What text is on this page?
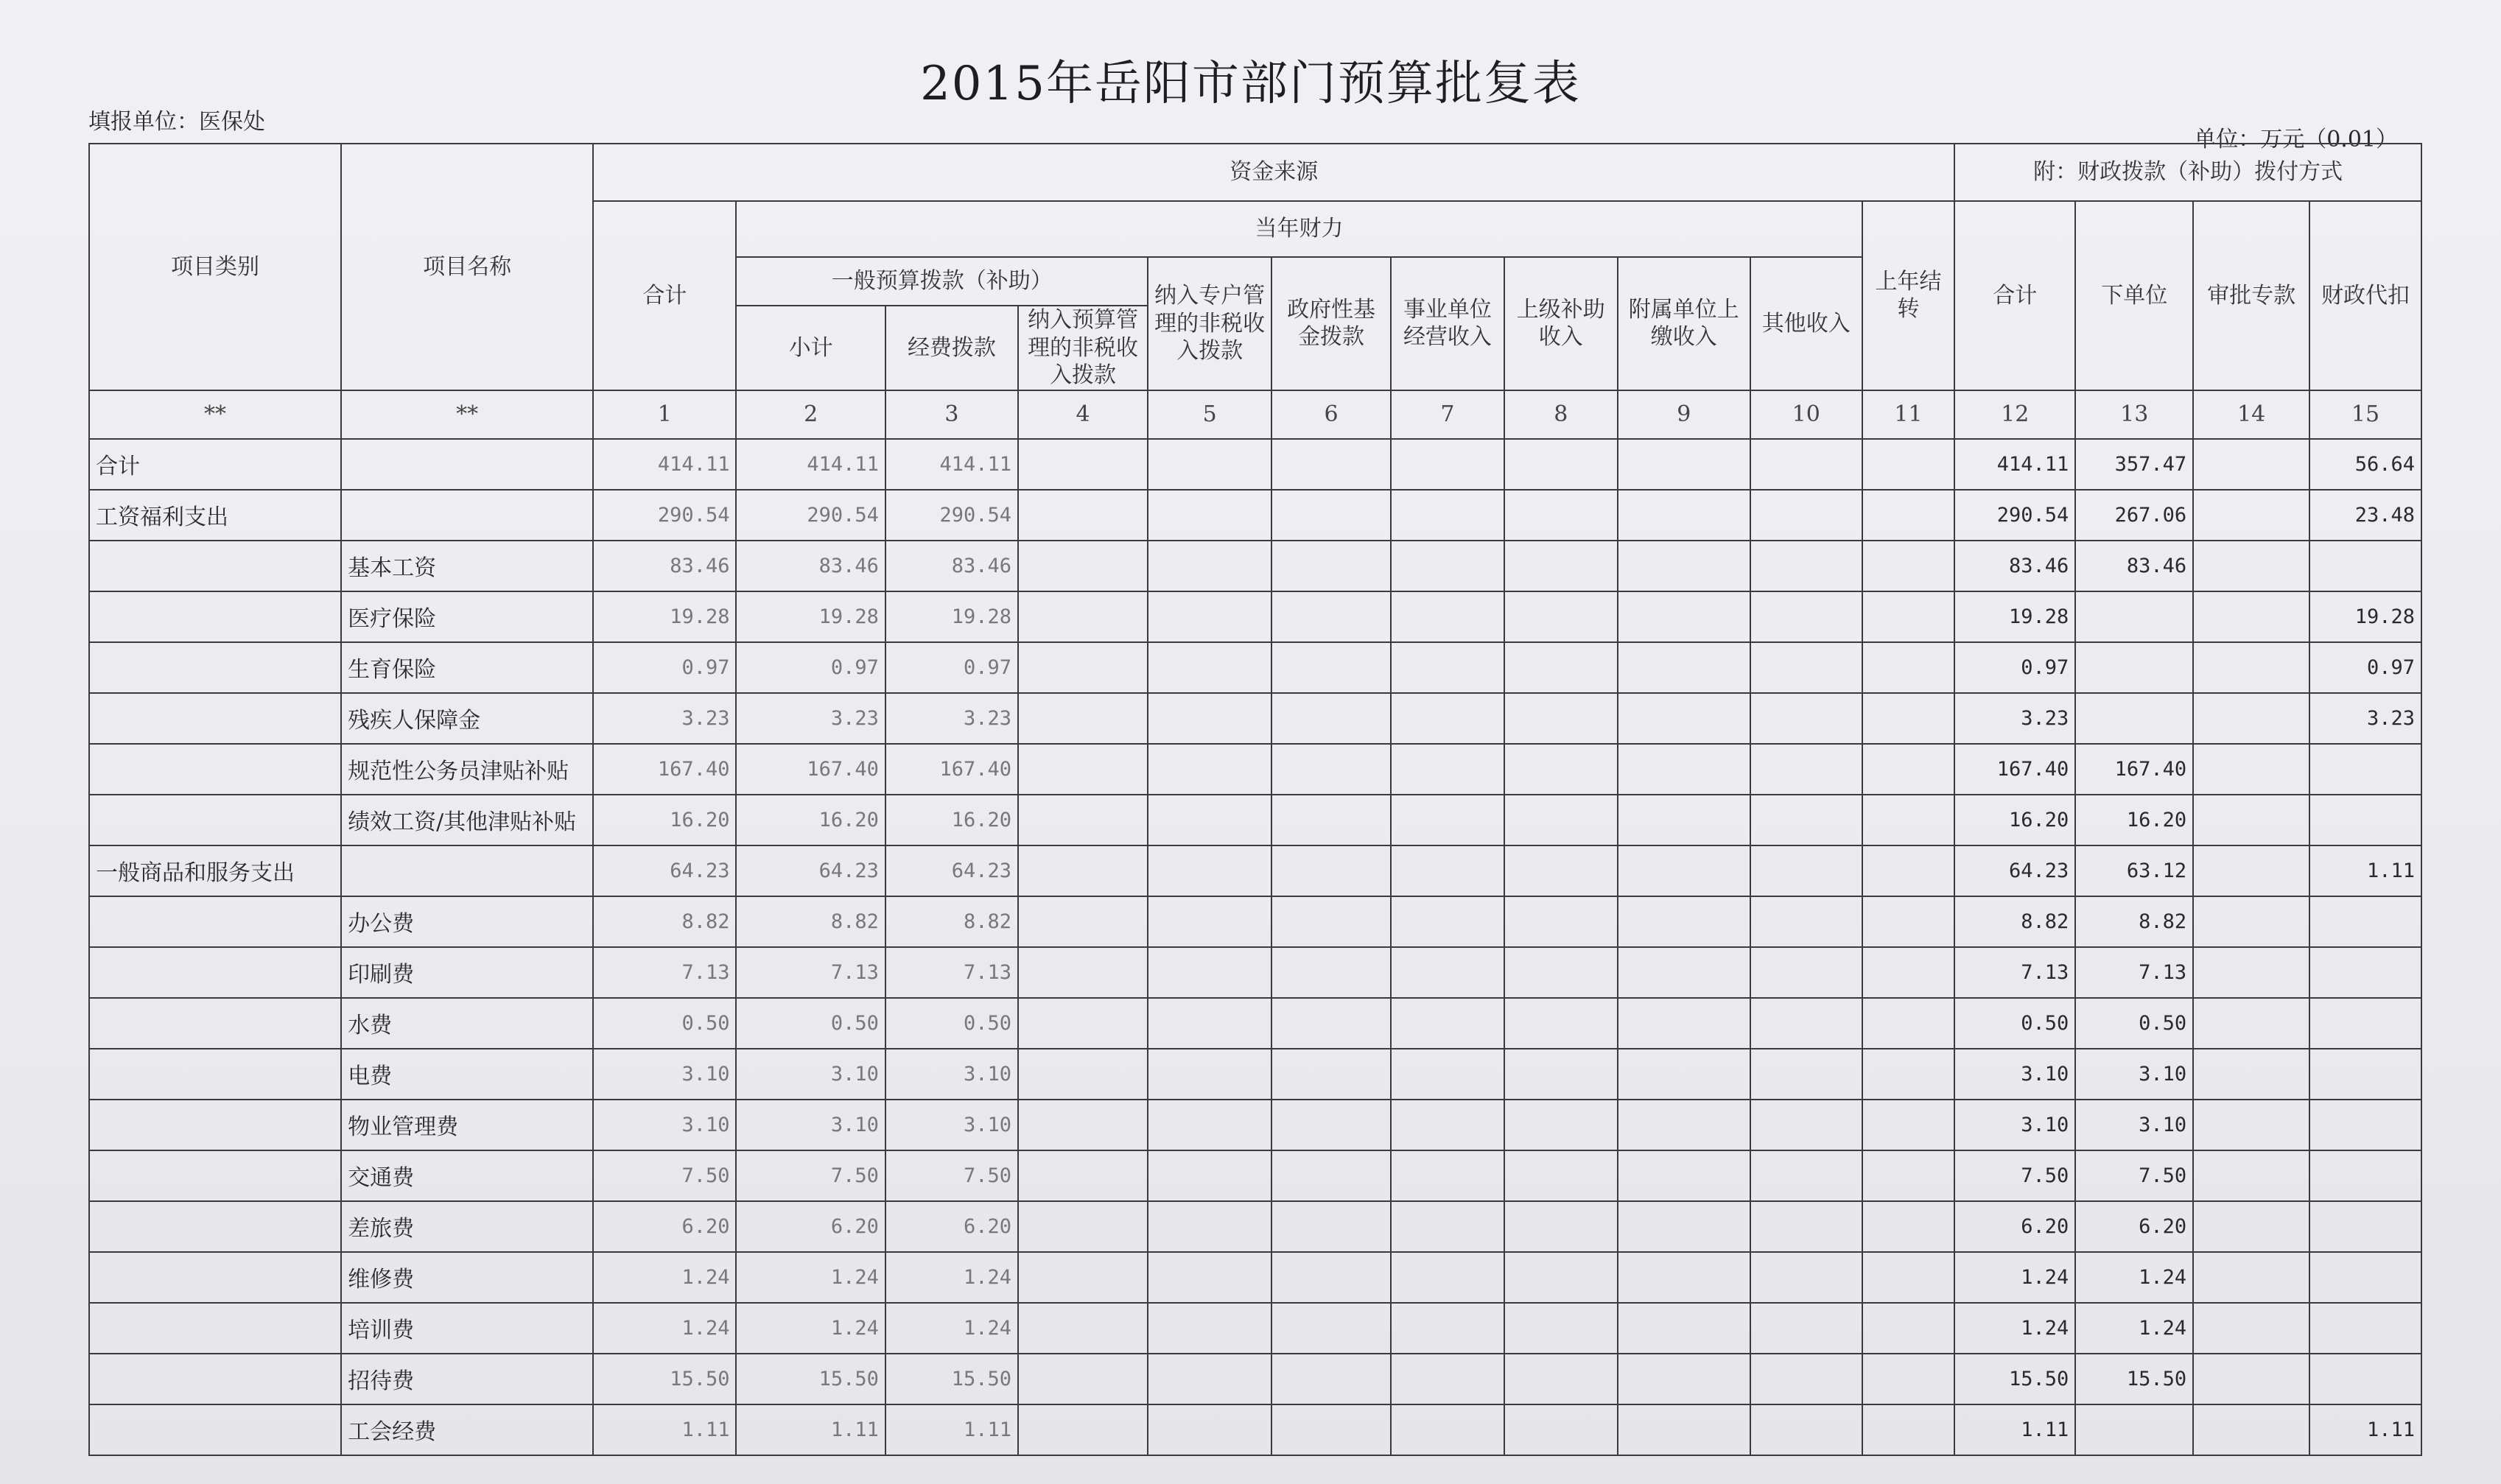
2015年岳阳市部门预算批复表
填报单位：医保处
单位：万元（0.01）
项目类别	项目名称	资金来源											附：财政拨款（补助）拨付方式			
		合计	当年财力									上年结转	合计	下单位	审批专款	财政代扣
			一般预算拨款（补助）			纳入专户管理的非税收入拨款	政府性基金拨款	事业单位经营收入	上级补助收入	附属单位上缴收入	其他收入					
			小计	经费拨款	纳入预算管理的非税收入拨款											
**	**	1	2	3	4	5	6	7	8	9	10	11	12	13	14	15
合计		414.11	414.11	414.11									414.11	357.47		56.64
工资福利支出		290.54	290.54	290.54									290.54	267.06		23.48
	基本工资	83.46	83.46	83.46									83.46	83.46		
	医疗保险	19.28	19.28	19.28									19.28			19.28
	生育保险	0.97	0.97	0.97									0.97			0.97
	残疾人保障金	3.23	3.23	3.23									3.23			3.23
	规范性公务员津贴补贴	167.40	167.40	167.40									167.40	167.40		
	绩效工资/其他津贴补贴	16.20	16.20	16.20									16.20	16.20		
一般商品和服务支出		64.23	64.23	64.23									64.23	63.12		1.11
	办公费	8.82	8.82	8.82									8.82	8.82		
	印刷费	7.13	7.13	7.13									7.13	7.13		
	水费	0.50	0.50	0.50									0.50	0.50		
	电费	3.10	3.10	3.10									3.10	3.10		
	物业管理费	3.10	3.10	3.10									3.10	3.10		
	交通费	7.50	7.50	7.50									7.50	7.50		
	差旅费	6.20	6.20	6.20									6.20	6.20		
	维修费	1.24	1.24	1.24									1.24	1.24		
	培训费	1.24	1.24	1.24									1.24	1.24		
	招待费	15.50	15.50	15.50									15.50	15.50		
	工会经费	1.11	1.11	1.11									1.11			1.11
